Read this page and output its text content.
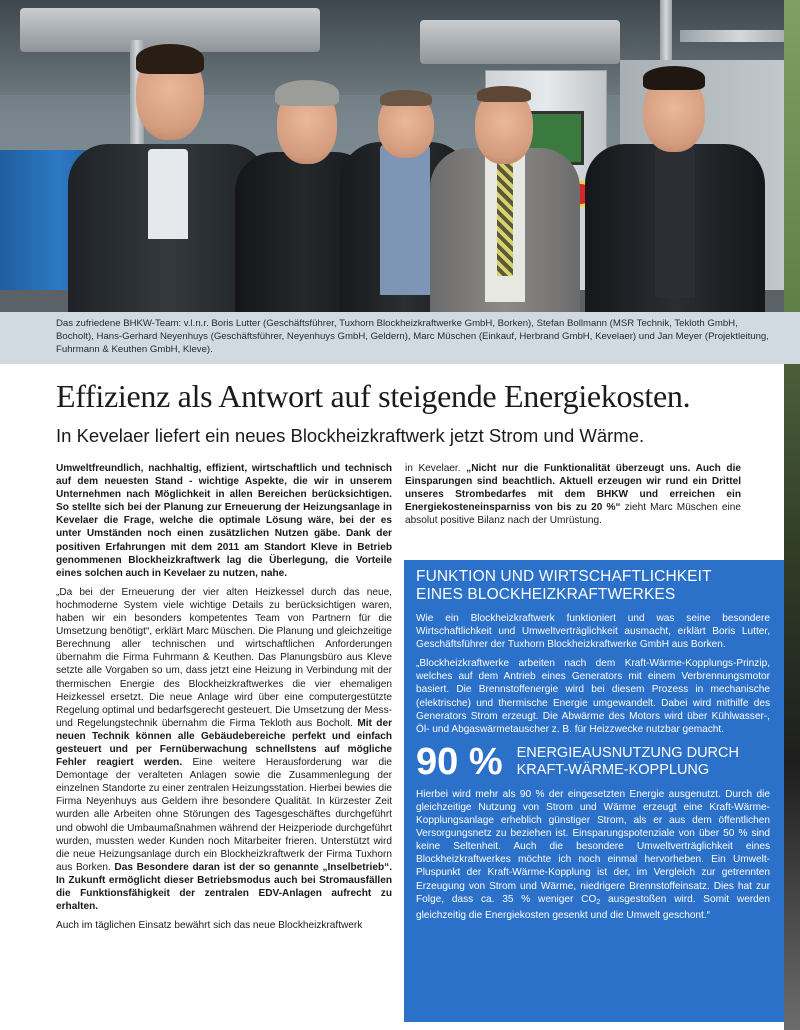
Das zufriedene BHKW-Team: v.l.n.r. Boris Lutter (Geschäftsführer, Tuxhorn Blockheizkraftwerke GmbH, Borken), Stefan Bollmann (MSR Technik, Tekloth GmbH, Bocholt), Hans-Gerhard Neyenhuys (Geschäftsführer, Neyenhuys GmbH, Geldern), Marc Müschen (Einkauf, Herbrand GmbH, Kevelaer) und Jan Meyer (Projektleitung, Fuhrmann & Keuthen GmbH, Kleve).
Effizienz als Antwort auf steigende Energiekosten.
In Kevelaer liefert ein neues Blockheizkraftwerk jetzt Strom und Wärme.

Umweltfreundlich, nachhaltig, effizient, wirtschaftlich und technisch auf dem neuesten Stand - wichtige Aspekte, die wir in unserem Unternehmen nach Möglichkeit in allen Bereichen berücksichtigen. So stellte sich bei der Planung zur Erneuerung der Heizungsanlage in Kevelaer die Frage, welche die optimale Lösung wäre, bei der es unter Umständen noch einen zusätzlichen Nutzen gäbe. Dank der positiven Erfahrungen mit dem 2011 am Standort Kleve in Betrieb genommenen Blockheizkraftwerk lag die Überlegung, die Vorteile eines solchen auch in Kevelaer zu nutzen, nahe.

„Da bei der Erneuerung der vier alten Heizkessel durch das neue, hochmoderne System viele wichtige Details zu berücksichtigen waren, haben wir ein besonders kompetentes Team von Partnern für die Umsetzung benötigt“, erklärt Marc Müschen. Die Planung und gleichzeitige Berechnung aller technischen und wirtschaftlichen Anforderungen übernahm die Firma Fuhrmann & Keuthen. Das Planungsbüro aus Kleve setzte alle Vorgaben so um, dass jetzt eine Heizung in Verbindung mit der thermischen Energie des Blockheizkraftwerkes die vier ehemaligen Heizkessel ersetzt. Die neue Anlage wird über eine computergestützte Regelung optimal und bedarfsgerecht gesteuert. Die Umsetzung der Mess- und Regelungstechnik übernahm die Firma Tekloth aus Bocholt. Mit der neuen Technik können alle Gebäudebereiche perfekt und einfach gesteuert und per Fernüberwachung schnellstens auf mögliche Fehler reagiert werden. Eine weitere Herausforderung war die Demontage der veralteten Anlagen sowie die Zusammenlegung der einzelnen Standorte zu einer zentralen Heizungsstation. Hierbei bewies die Firma Neyenhuys aus Geldern ihre besondere Qualität. In kürzester Zeit wurden alle Arbeiten ohne Störungen des Tagesgeschäftes durchgeführt und obwohl die Umbaumaßnahmen während der Heizperiode durchgeführt wurden, mussten weder Kunden noch Mitarbeiter frieren. Unterstützt wird die neue Heizungsanlage durch ein Blockheizkraftwerk der Firma Tuxhorn aus Borken. Das Besondere daran ist der so genannte „Inselbetrieb“. In Zukunft ermöglicht dieser Betriebsmodus auch bei Stromausfällen die Funktionsfähigkeit der zentralen EDV-Anlagen aufrecht zu erhalten.

Auch im täglichen Einsatz bewährt sich das neue Blockheizkraftwerk

in Kevelaer. „Nicht nur die Funktionalität überzeugt uns. Auch die Einsparungen sind beachtlich. Aktuell erzeugen wir rund ein Drittel unseres Strombedarfes mit dem BHKW und erreichen ein Energiekosteneinsparniss von bis zu 20 %“ zieht Marc Müschen eine absolut positive Bilanz nach der Umrüstung.

FUNKTION UND WIRTSCHAFTLICHKEIT
EINES BLOCKHEIZKRAFTWERKES

Wie ein Blockheizkraftwerk funktioniert und was seine besondere Wirtschaftlichkeit und Umweltverträglichkeit ausmacht, erklärt Boris Lutter, Geschäftsführer der Tuxhorn Blockheizkraftwerke GmbH aus Borken.

„Blockheizkraftwerke arbeiten nach dem Kraft-Wärme-Kopplungs-Prinzip, welches auf dem Antrieb eines Generators mit einem Verbrennungsmotor basiert. Die Brennstoffenergie wird bei diesem Prozess in mechanische (elektrische) und thermische Energie umgewandelt. Dabei wird mithilfe des Generators Strom erzeugt. Die Abwärme des Motors wird über Kühlwasser-, Öl- und Abgaswärmetauscher z. B. für Heizzwecke nutzbar gemacht.

90 % ENERGIEAUSNUTZUNG DURCH
KRAFT-WÄRME-KOPPLUNG

Hierbei wird mehr als 90 % der eingesetzten Energie ausgenutzt. Durch die gleichzeitige Nutzung von Strom und Wärme erzeugt eine Kraft-Wärme-Kopplungsanlage erheblich günstiger Strom, als er aus dem öffentlichen Versorgungsnetz zu beziehen ist. Einsparungspotenziale von über 50 % sind keine Seltenheit. Auch die besondere Umweltverträglichkeit eines Blockheizkraftwerkes möchte ich noch einmal hervorheben. Ein Umwelt-Pluspunkt der Kraft-Wärme-Kopplung ist der, im Vergleich zur getrennten Erzeugung von Strom und Wärme, niedrigere Brennstoffeinsatz. Dies hat zur Folge, dass ca. 35 % weniger $CO_2$ ausgestoßen wird. Somit werden gleichzeitig die Energiekosten gesenkt und die Umwelt geschont.“
